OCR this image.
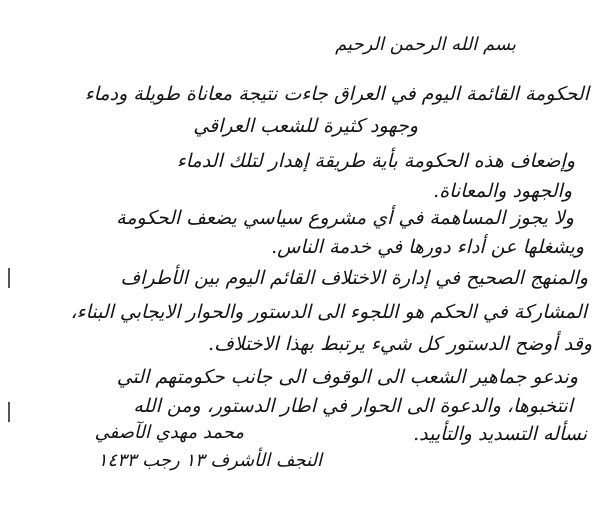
بسم الله الرحمن الرحيم
الحكومة القائمة اليوم في العراق جاءت نتيجة معاناة طويلة ودماء
وجهود كثيرة للشعب العراقي
وإضعاف هذه الحكومة بأية طريقة إهدار لتلك الدماء
والجهود والمعاناة.
ولا يجوز المساهمة في أي مشروع سياسي يضعف الحكومة
ويشغلها عن أداء دورها في خدمة الناس.
والمنهج الصحيح في إدارة الاختلاف القائم اليوم بين الأطراف
المشاركة في الحكم هو اللجوء الى الدستور والحوار الايجابي البناء،
وقد أوضح الدستور كل شيء يرتبط بهذا الاختلاف.
وندعو جماهير الشعب الى الوقوف الى جانب حكومتهم التي
انتخبوها، والدعوة الى الحوار في اطار الدستور، ومن الله
نسأله التسديد والتأييد.
محمد مهدي الآصفي
النجف الأشرف ١٣ رجب ١٤٣٣
